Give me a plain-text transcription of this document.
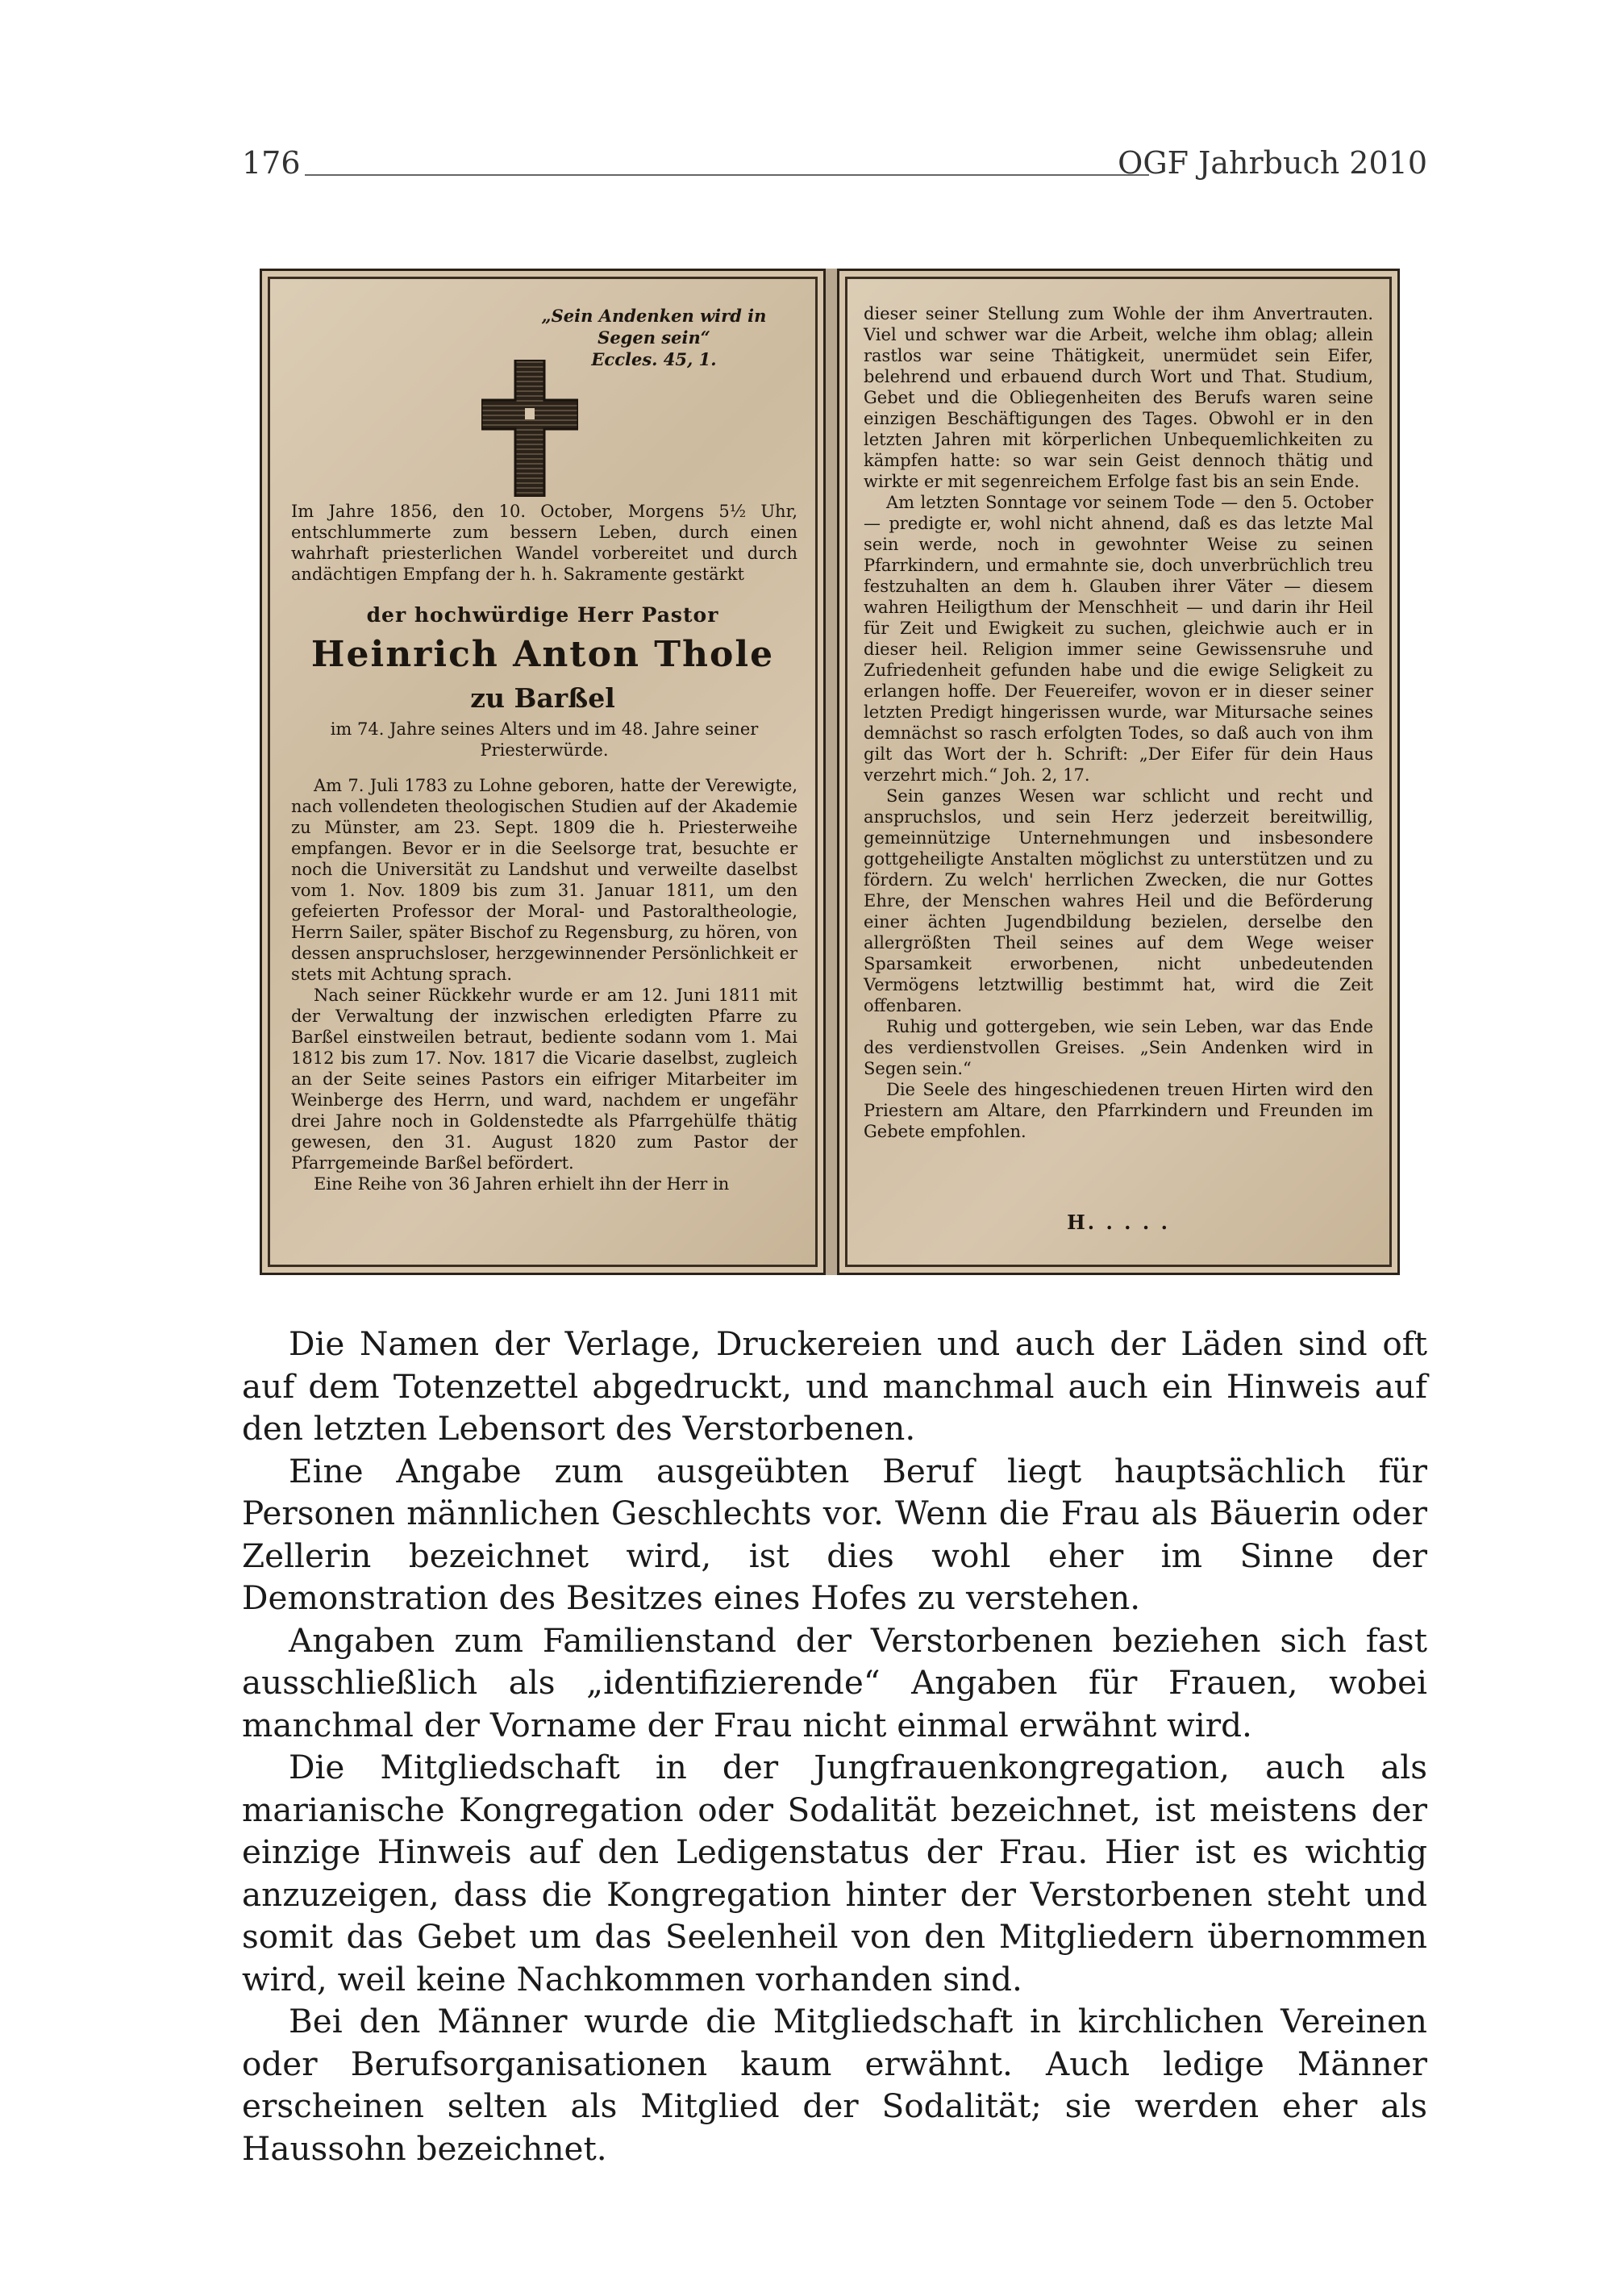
176	OGF Jahrbuch 2010
„Sein Andenken wird in Segen sein“
Eccles. 45, 1.
Im Jahre 1856, den 10. October, Morgens 5½ Uhr, entschlummerte zum bessern Leben, durch einen wahrhaft priesterlichen Wandel vorbereitet und durch andächtigen Empfang der h. h. Sakramente gestärkt
der hochwürdige Herr Pastor
Heinrich Anton Thole
zu Barßel
im 74. Jahre seines Alters und im 48. Jahre seiner Priesterwürde.

Am 7. Juli 1783 zu Lohne geboren, hatte der Verewigte, nach vollendeten theologischen Studien auf der Akademie zu Münster, am 23. Sept. 1809 die h. Priesterweihe empfangen. Bevor er in die Seelsorge trat, besuchte er noch die Universität zu Landshut und verweilte daselbst vom 1. Nov. 1809 bis zum 31. Januar 1811, um den gefeierten Professor der Moral- und Pastoraltheologie, Herrn Sailer, später Bischof zu Regensburg, zu hören, von dessen anspruchsloser, herzgewinnender Persönlichkeit er stets mit Achtung sprach.

Nach seiner Rückkehr wurde er am 12. Juni 1811 mit der Verwaltung der inzwischen erledigten Pfarre zu Barßel einstweilen betraut, bediente sodann vom 1. Mai 1812 bis zum 17. Nov. 1817 die Vicarie daselbst, zugleich an der Seite seines Pastors ein eifriger Mitarbeiter im Weinberge des Herrn, und ward, nachdem er ungefähr drei Jahre noch in Goldenstedte als Pfarrgehülfe thätig gewesen, den 31. August 1820 zum Pastor der Pfarrgemeinde Barßel befördert.

Eine Reihe von 36 Jahren erhielt ihn der Herr in

dieser seiner Stellung zum Wohle der ihm Anvertrauten. Viel und schwer war die Arbeit, welche ihm oblag; allein rastlos war seine Thätigkeit, unermüdet sein Eifer, belehrend und erbauend durch Wort und That. Studium, Gebet und die Obliegenheiten des Berufs waren seine einzigen Beschäftigungen des Tages. Obwohl er in den letzten Jahren mit körperlichen Unbequemlichkeiten zu kämpfen hatte: so war sein Geist dennoch thätig und wirkte er mit segenreichem Erfolge fast bis an sein Ende.

Am letzten Sonntage vor seinem Tode — den 5. October — predigte er, wohl nicht ahnend, daß es das letzte Mal sein werde, noch in gewohnter Weise zu seinen Pfarrkindern, und ermahnte sie, doch unverbrüchlich treu festzuhalten an dem h. Glauben ihrer Väter — diesem wahren Heiligthum der Menschheit — und darin ihr Heil für Zeit und Ewigkeit zu suchen, gleichwie auch er in dieser heil. Religion immer seine Gewissensruhe und Zufriedenheit gefunden habe und die ewige Seligkeit zu erlangen hoffe. Der Feuereifer, wovon er in dieser seiner letzten Predigt hingerissen wurde, war Mitursache seines demnächst so rasch erfolgten Todes, so daß auch von ihm gilt das Wort der h. Schrift: „Der Eifer für dein Haus verzehrt mich.“ Joh. 2, 17.

Sein ganzes Wesen war schlicht und recht und anspruchslos, und sein Herz jederzeit bereitwillig, gemeinnützige Unternehmungen und insbesondere gottgeheiligte Anstalten möglichst zu unterstützen und zu fördern. Zu welch' herrlichen Zwecken, die nur Gottes Ehre, der Menschen wahres Heil und die Beförderung einer ächten Jugendbildung bezielen, derselbe den allergrößten Theil seines auf dem Wege weiser Sparsamkeit erworbenen, nicht unbedeutenden Vermögens letztwillig bestimmt hat, wird die Zeit offenbaren.

Ruhig und gottergeben, wie sein Leben, war das Ende des verdienstvollen Greises. „Sein Andenken wird in Segen sein.“

Die Seele des hingeschiedenen treuen Hirten wird den Priestern am Altare, den Pfarrkindern und Freunden im Gebete empfohlen.

H. . . . .

Die Namen der Verlage, Druckereien und auch der Läden sind oft auf dem Totenzettel abgedruckt, und manchmal auch ein Hinweis auf den letzten Lebensort des Verstorbenen.

Eine Angabe zum ausgeübten Beruf liegt hauptsächlich für Personen männlichen Geschlechts vor. Wenn die Frau als Bäuerin oder Zellerin bezeichnet wird, ist dies wohl eher im Sinne der Demonstration des Besitzes eines Hofes zu verstehen.

Angaben zum Familienstand der Verstorbenen beziehen sich fast ausschließlich als „identifizierende“ Angaben für Frauen, wobei manchmal der Vorname der Frau nicht einmal erwähnt wird.

Die Mitgliedschaft in der Jungfrauenkongregation, auch als marianische Kongregation oder Sodalität bezeichnet, ist meistens der einzige Hinweis auf den Ledigenstatus der Frau. Hier ist es wichtig anzuzeigen, dass die Kongregation hinter der Verstorbenen steht und somit das Gebet um das Seelenheil von den Mitgliedern übernommen wird, weil keine Nachkommen vorhanden sind.

Bei den Männer wurde die Mitgliedschaft in kirchlichen Vereinen oder Berufsorganisationen kaum erwähnt. Auch ledige Männer erscheinen selten als Mitglied der Sodalität; sie werden eher als Haussohn bezeichnet.
